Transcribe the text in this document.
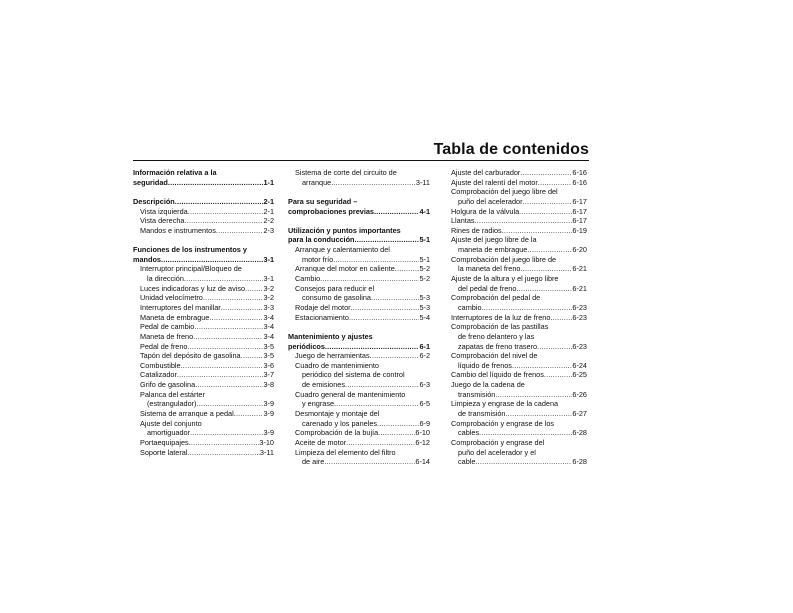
Tabla de contenidos
Información relativa a la
seguridad .....	1-1
Descripción .....	2-1
Vista izquierda .....	2-1
Vista derecha .....	2-2
Mandos e instrumentos .....	2-3
Funciones de los instrumentos y
mandos .....	3-1
Interruptor principal/Bloqueo de
la dirección .....	3-1
Luces indicadoras y luz de aviso .....	3-2
Unidad velocímetro .....	3-2
Interruptores del manillar .....	3-3
Maneta de embrague .....	3-4
Pedal de cambio .....	3-4
Maneta de freno .....	3-4
Pedal de freno .....	3-5
Tapón del depósito de gasolina .....	3-5
Combustible .....	3-6
Catalizador .....	3-7
Grifo de gasolina .....	3-8
Palanca del estárter
(estrangulador) .....	3-9
Sistema de arranque a pedal .....	3-9
Ajuste del conjunto
amortiguador .....	3-9
Portaequipajes .....	3-10
Soporte lateral .....	3-11
Sistema de corte del circuito de
arranque .....	3-11
Para su seguridad –
comprobaciones previas .....	4-1
Utilización y puntos importantes
para la conducción .....	5-1
Arranque y calentamiento del
motor frío .....	5-1
Arranque del motor en caliente .....	5-2
Cambio .....	5-2
Consejos para reducir el
consumo de gasolina .....	5-3
Rodaje del motor .....	5-3
Estacionamiento .....	5-4
Mantenimiento y ajustes
periódicos .....	6-1
Juego de herramientas .....	6-2
Cuadro de mantenimiento
periódico del sistema de control
de emisiones .....	6-3
Cuadro general de mantenimiento
y engrase .....	6-5
Desmontaje y montaje del
carenado y los paneles .....	6-9
Comprobación de la bujía .....	6-10
Aceite de motor .....	6-12
Limpieza del elemento del filtro
de aire .....	6-14
Ajuste del carburador .....	6-16
Ajuste del ralentí del motor .....	6-16
Comprobación del juego libre del
puño del acelerador .....	6-17
Holgura de la válvula .....	6-17
Llantas .....	6-17
Rines de radios .....	6-19
Ajuste del juego libre de la
maneta de embrague .....	6-20
Comprobación del juego libre de
la maneta del freno .....	6-21
Ajuste de la altura y el juego libre
del pedal de freno .....	6-21
Comprobación del pedal de
cambio .....	6-23
Interruptores de la luz de freno .....	6-23
Comprobación de las pastillas
de freno delantero y las
zapatas de freno trasero .....	6-23
Comprobación del nivel de
líquido de frenos .....	6-24
Cambio del líquido de frenos .....	6-25
Juego de la cadena de
transmisión .....	6-26
Limpieza y engrase de la cadena
de transmisión .....	6-27
Comprobación y engrase de los
cables .....	6-28
Comprobación y engrase del
puño del acelerador y el
cable .....	6-28
